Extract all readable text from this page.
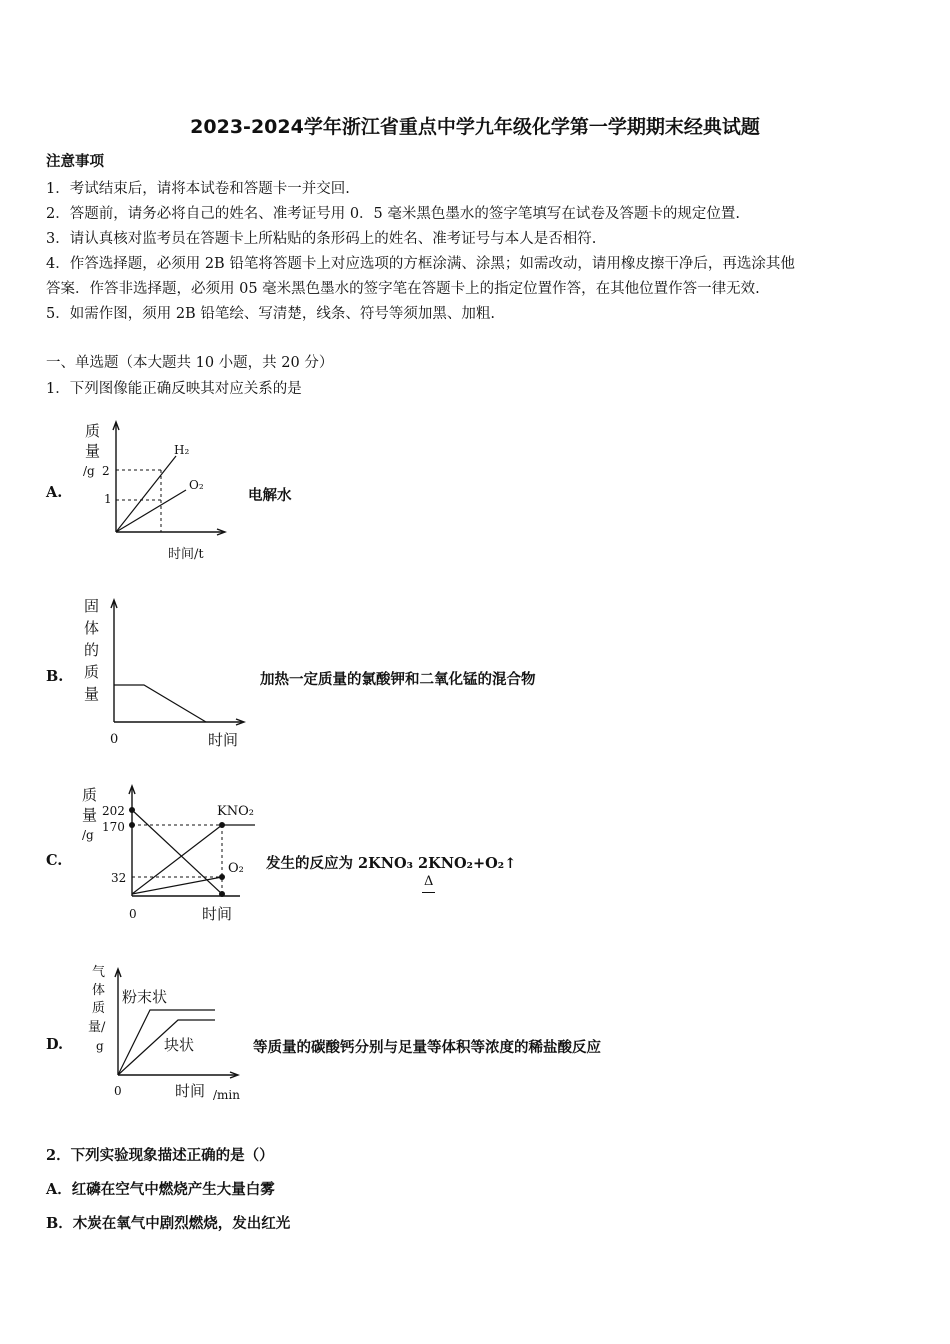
2023-2024学年浙江省重点中学九年级化学第一学期期末经典试题
注意事项
1．考试结束后，请将本试卷和答题卡一并交回.
2．答题前，请务必将自己的姓名、准考证号用 0．5 毫米黑色墨水的签字笔填写在试卷及答题卡的规定位置.
3．请认真核对监考员在答题卡上所粘贴的条形码上的姓名、准考证号与本人是否相符.
4．作答选择题，必须用 2B 铅笔将答题卡上对应选项的方框涂满、涂黑；如需改动，请用橡皮擦干净后，再选涂其他
答案．作答非选择题，必须用 05 毫米黑色墨水的签字笔在答题卡上的指定位置作答，在其他位置作答一律无效.
5．如需作图，须用 2B 铅笔绘、写清楚，线条、符号等须加黑、加粗.
一、单选题（本大题共 10 小题，共 20 分）
1．下列图像能正确反映其对应关系的是
A.
质
量
/g 2
1
H₂
O₂
时间/t
电解水
B.
固
体
的
质
量
0	时间
加热一定质量的氯酸钾和二氧化锰的混合物
C.
质
量
/g
202
170
32
KNO₂
O₂
0	时间
发生的反应为 2KNO₃ 2KNO₂+O₂↑
Δ
D.
气
体
质
量/
g
粉末状
块状
0	时间 /min
等质量的碳酸钙分别与足量等体积等浓度的稀盐酸反应
2．下列实验现象描述正确的是（）
A．红磷在空气中燃烧产生大量白雾
B．木炭在氧气中剧烈燃烧，发出红光
